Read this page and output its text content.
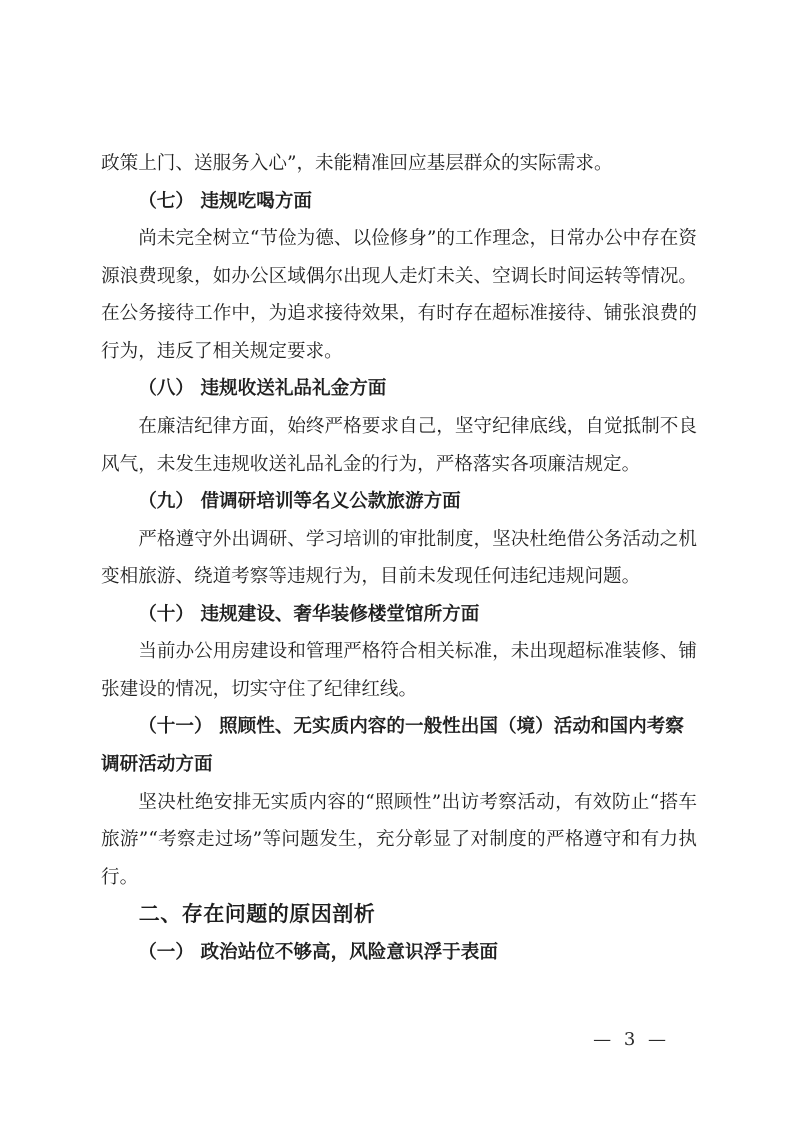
政策上门、送服务入心”，未能精准回应基层群众的实际需求。

（七） 违规吃喝方面

尚未完全树立“节俭为德、以俭修身”的工作理念，日常办公中存在资源浪费现象，如办公区域偶尔出现人走灯未关、空调长时间运转等情况。在公务接待工作中，为追求接待效果，有时存在超标准接待、铺张浪费的行为，违反了相关规定要求。

（八） 违规收送礼品礼金方面

在廉洁纪律方面，始终严格要求自己，坚守纪律底线，自觉抵制不良风气，未发生违规收送礼品礼金的行为，严格落实各项廉洁规定。

（九） 借调研培训等名义公款旅游方面

严格遵守外出调研、学习培训的审批制度，坚决杜绝借公务活动之机变相旅游、绕道考察等违规行为，目前未发现任何违纪违规问题。

（十） 违规建设、奢华装修楼堂馆所方面

当前办公用房建设和管理严格符合相关标准，未出现超标准装修、铺张建设的情况，切实守住了纪律红线。

（十一） 照顾性、无实质内容的一般性出国（境）活动和国内考察调研活动方面

坚决杜绝安排无实质内容的“照顾性”出访考察活动，有效防止“搭车旅游”“考察走过场”等问题发生，充分彰显了对制度的严格遵守和有力执行。

二、存在问题的原因剖析

（一） 政治站位不够高，风险意识浮于表面

— 3 —
